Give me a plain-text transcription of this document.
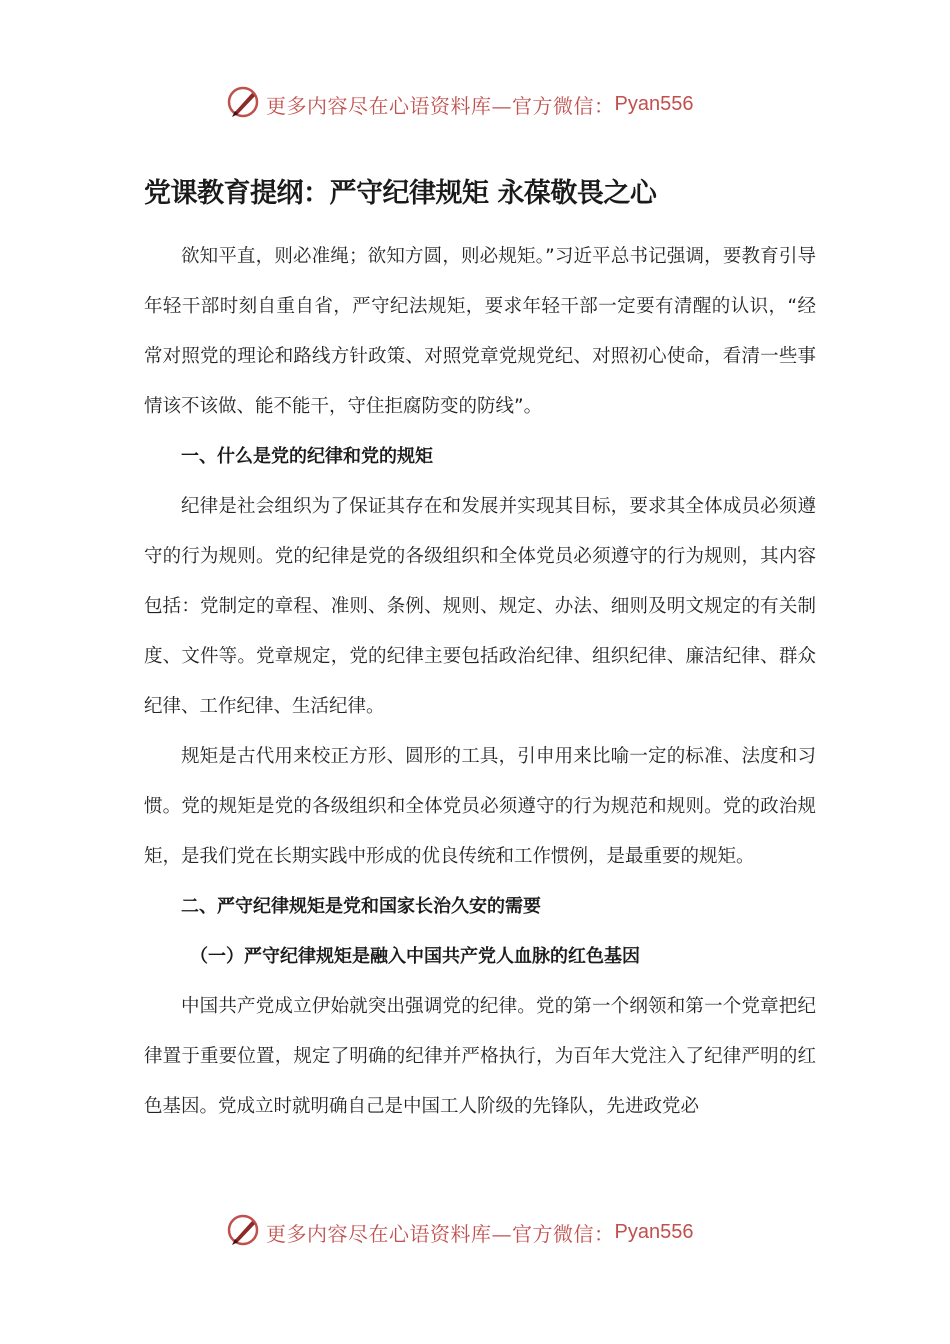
更多内容尽在心语资料库—官方微信： Pyan556
党课教育提纲：严守纪律规矩 永葆敬畏之心

欲知平直，则必准绳；欲知方圆，则必规矩。”习近平总书记强调，要教育引导年轻干部时刻自重自省，严守纪法规矩，要求年轻干部一定要有清醒的认识，“经常对照党的理论和路线方针政策、对照党章党规党纪、对照初心使命，看清一些事情该不该做、能不能干，守住拒腐防变的防线”。

一、什么是党的纪律和党的规矩

纪律是社会组织为了保证其存在和发展并实现其目标，要求其全体成员必须遵守的行为规则。党的纪律是党的各级组织和全体党员必须遵守的行为规则，其内容包括：党制定的章程、准则、条例、规则、规定、办法、细则及明文规定的有关制度、文件等。党章规定，党的纪律主要包括政治纪律、组织纪律、廉洁纪律、群众纪律、工作纪律、生活纪律。

规矩是古代用来校正方形、圆形的工具，引申用来比喻一定的标准、法度和习惯。党的规矩是党的各级组织和全体党员必须遵守的行为规范和规则。党的政治规矩，是我们党在长期实践中形成的优良传统和工作惯例，是最重要的规矩。

二、严守纪律规矩是党和国家长治久安的需要

（一）严守纪律规矩是融入中国共产党人血脉的红色基因

中国共产党成立伊始就突出强调党的纪律。党的第一个纲领和第一个党章把纪律置于重要位置，规定了明确的纪律并严格执行，为百年大党注入了纪律严明的红色基因。党成立时就明确自己是中国工人阶级的先锋队，先进政党必

更多内容尽在心语资料库—官方微信： Pyan556
